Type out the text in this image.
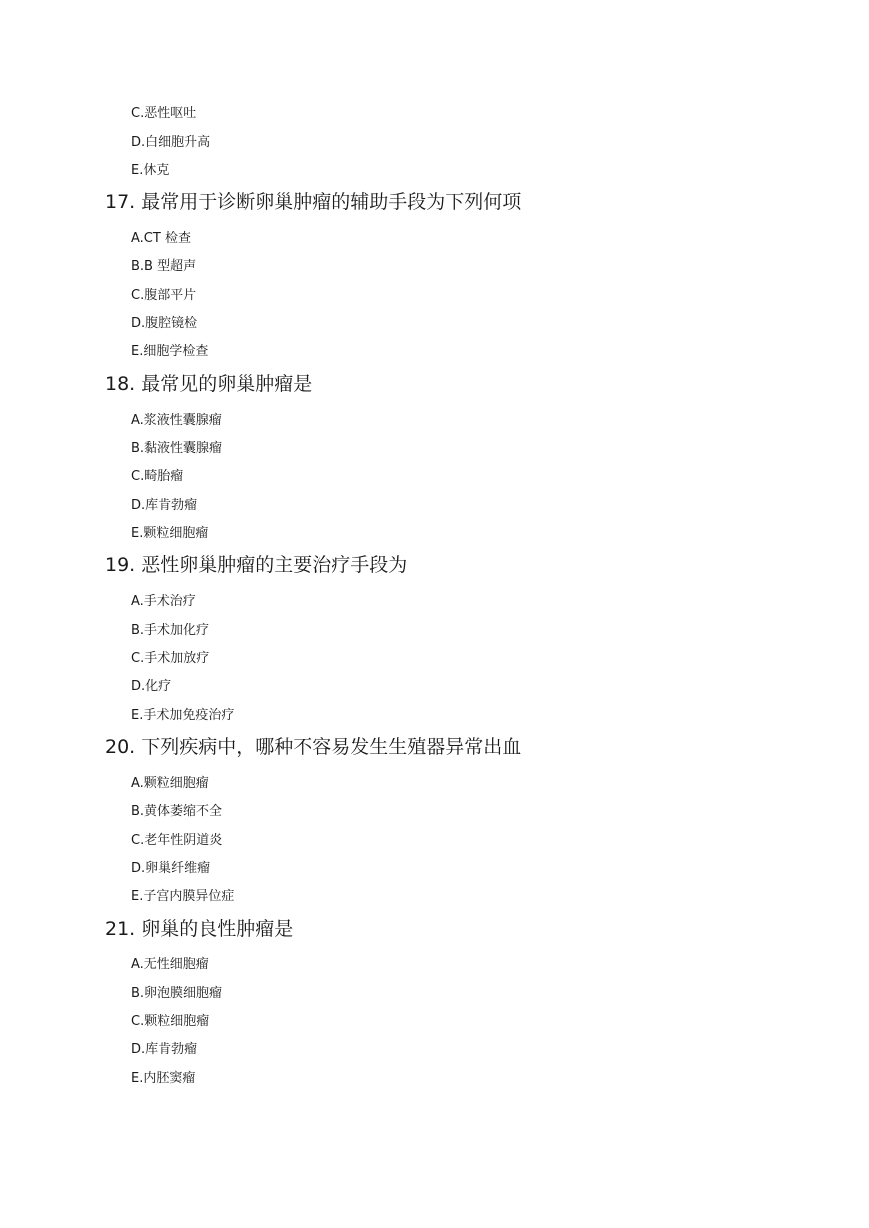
C.恶性呕吐
D.白细胞升高
E.休克
17. 最常用于诊断卵巢肿瘤的辅助手段为下列何项
A.CT 检查
B.B 型超声
C.腹部平片
D.腹腔镜检
E.细胞学检查
18. 最常见的卵巢肿瘤是
A.浆液性囊腺瘤
B.黏液性囊腺瘤
C.畸胎瘤
D.库肯勃瘤
E.颗粒细胞瘤
19. 恶性卵巢肿瘤的主要治疗手段为
A.手术治疗
B.手术加化疗
C.手术加放疗
D.化疗
E.手术加免疫治疗
20. 下列疾病中，哪种不容易发生生殖器异常出血
A.颗粒细胞瘤
B.黄体萎缩不全
C.老年性阴道炎
D.卵巢纤维瘤
E.子宫内膜异位症
21. 卵巢的良性肿瘤是
A.无性细胞瘤
B.卵泡膜细胞瘤
C.颗粒细胞瘤
D.库肯勃瘤
E.内胚窦瘤
